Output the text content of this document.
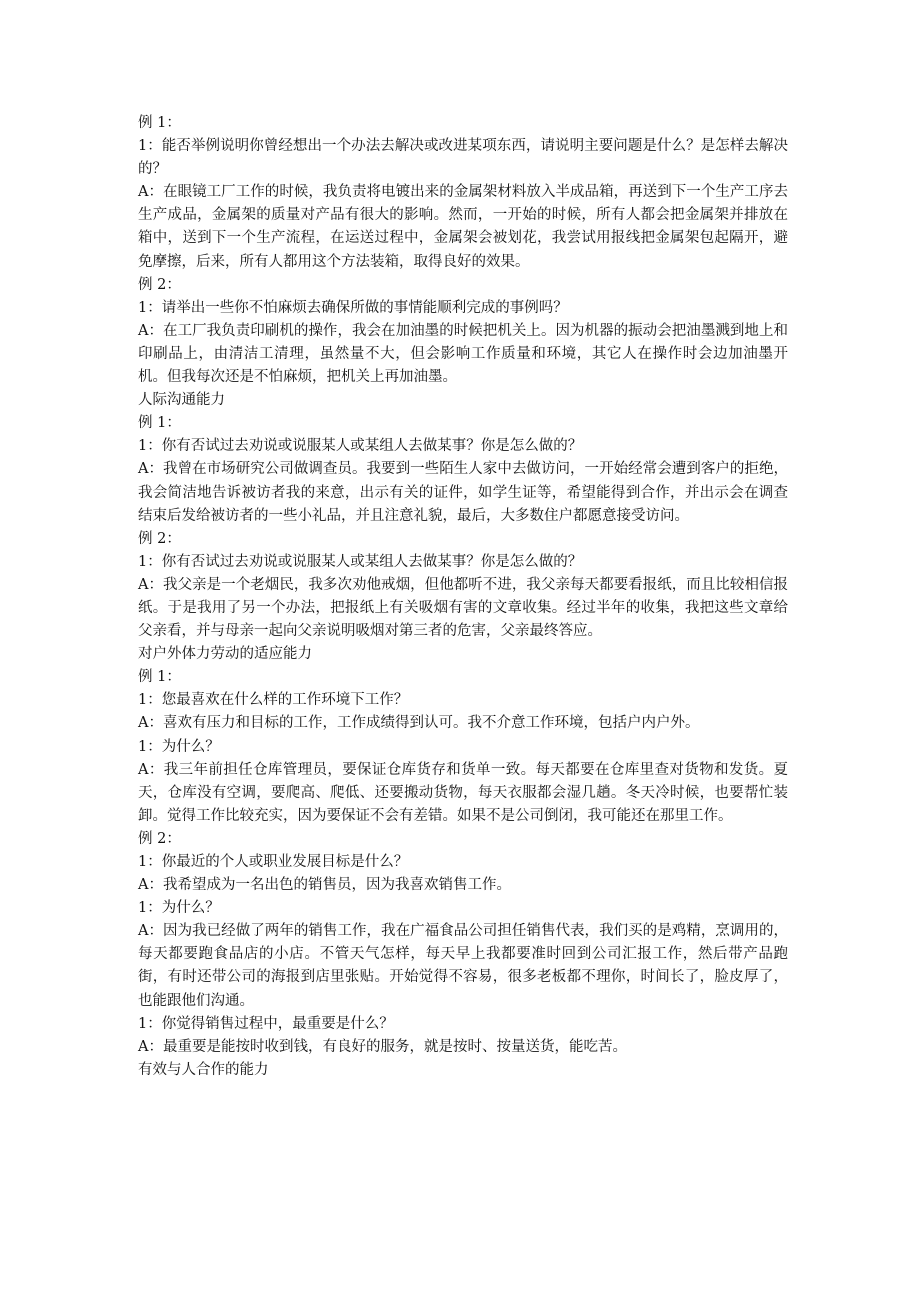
例 1：

1：能否举例说明你曾经想出一个办法去解决或改进某项东西，请说明主要问题是什么？是怎样去解决的？

A：在眼镜工厂工作的时候，我负责将电镀出来的金属架材料放入半成品箱，再送到下一个生产工序去生产成品，金属架的质量对产品有很大的影响。然而，一开始的时候，所有人都会把金属架并排放在箱中，送到下一个生产流程，在运送过程中，金属架会被划花，我尝试用报线把金属架包起隔开，避免摩擦，后来，所有人都用这个方法装箱，取得良好的效果。

例 2：

1：请举出一些你不怕麻烦去确保所做的事情能顺利完成的事例吗？

A：在工厂我负责印刷机的操作，我会在加油墨的时候把机关上。因为机器的振动会把油墨溅到地上和印刷品上，由清洁工清理，虽然量不大，但会影响工作质量和环境，其它人在操作时会边加油墨开机。但我每次还是不怕麻烦，把机关上再加油墨。

人际沟通能力

例 1：

1：你有否试过去劝说或说服某人或某组人去做某事？你是怎么做的？

A：我曾在市场研究公司做调查员。我要到一些陌生人家中去做访问，一开始经常会遭到客户的拒绝，我会简洁地告诉被访者我的来意，出示有关的证件，如学生证等，希望能得到合作，并出示会在调查结束后发给被访者的一些小礼品，并且注意礼貌，最后，大多数住户都愿意接受访问。

例 2：

1：你有否试过去劝说或说服某人或某组人去做某事？你是怎么做的？

A：我父亲是一个老烟民，我多次劝他戒烟，但他都听不进，我父亲每天都要看报纸，而且比较相信报纸。于是我用了另一个办法，把报纸上有关吸烟有害的文章收集。经过半年的收集，我把这些文章给父亲看，并与母亲一起向父亲说明吸烟对第三者的危害，父亲最终答应。

对户外体力劳动的适应能力

例 1：

1：您最喜欢在什么样的工作环境下工作？

A：喜欢有压力和目标的工作，工作成绩得到认可。我不介意工作环境，包括户内户外。

1：为什么？

A：我三年前担任仓库管理员，要保证仓库货存和货单一致。每天都要在仓库里查对货物和发货。夏天，仓库没有空调，要爬高、爬低、还要搬动货物，每天衣服都会湿几趟。冬天冷时候，也要帮忙装卸。觉得工作比较充实，因为要保证不会有差错。如果不是公司倒闭，我可能还在那里工作。

例 2：

1：你最近的个人或职业发展目标是什么？

A：我希望成为一名出色的销售员，因为我喜欢销售工作。

1：为什么？

A：因为我已经做了两年的销售工作，我在广福食品公司担任销售代表，我们买的是鸡精，烹调用的，每天都要跑食品店的小店。不管天气怎样，每天早上我都要准时回到公司汇报工作，然后带产品跑街，有时还带公司的海报到店里张贴。开始觉得不容易，很多老板都不理你，时间长了，脸皮厚了，也能跟他们沟通。

1：你觉得销售过程中，最重要是什么？

A：最重要是能按时收到钱，有良好的服务，就是按时、按量送货，能吃苦。

有效与人合作的能力
